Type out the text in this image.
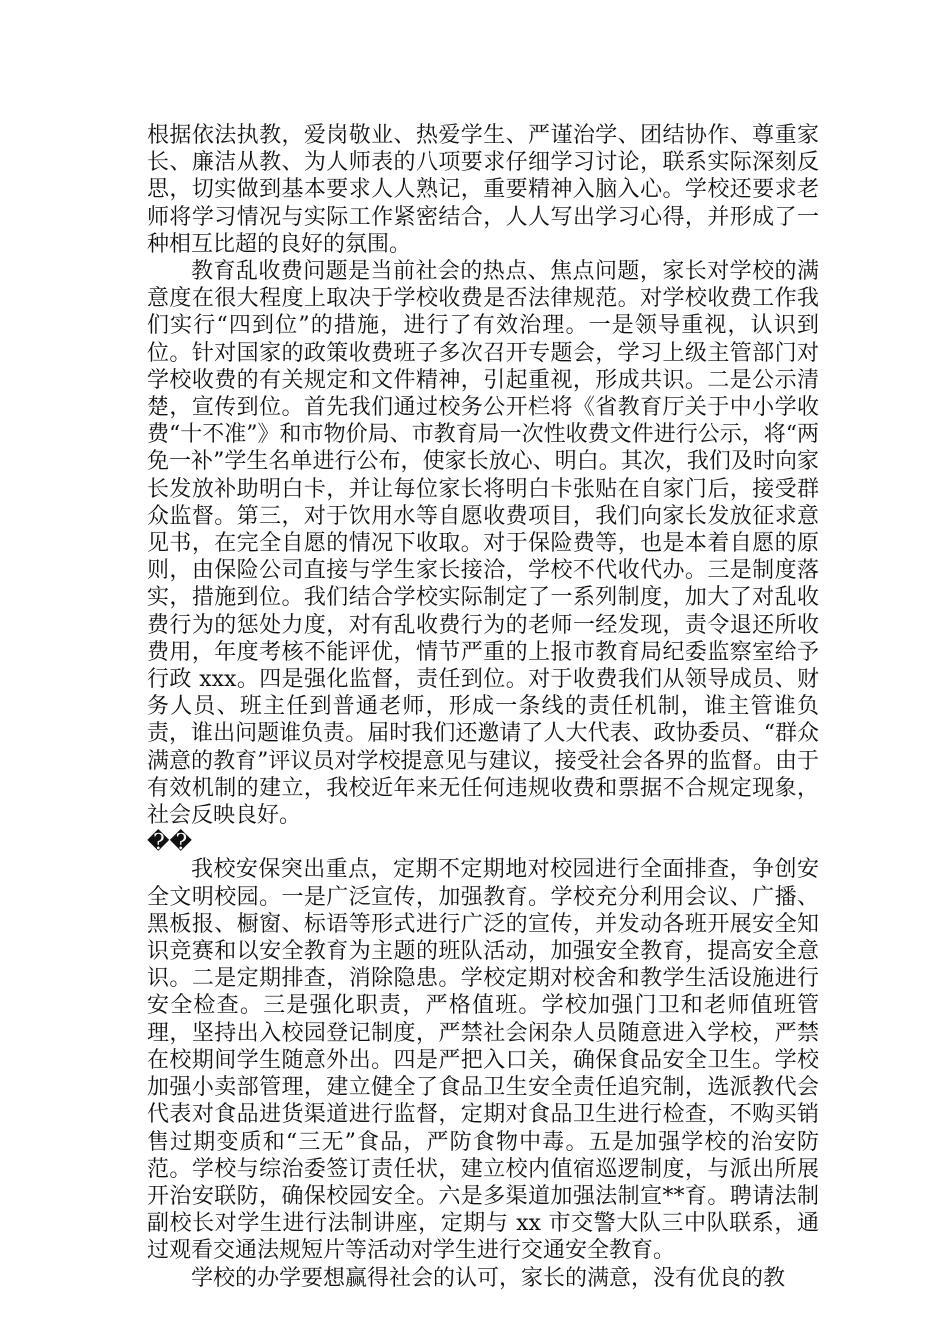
根据依法执教，爱岗敬业、热爱学生、严谨治学、团结协作、尊重家长、廉洁从教、为人师表的八项要求仔细学习讨论，联系实际深刻反思，切实做到基本要求人人熟记，重要精神入脑入心。学校还要求老师将学习情况与实际工作紧密结合，人人写出学习心得，并形成了一种相互比超的良好的氛围。

教育乱收费问题是当前社会的热点、焦点问题，家长对学校的满意度在很大程度上取决于学校收费是否法律规范。对学校收费工作我们实行“四到位”的措施，进行了有效治理。一是领导重视，认识到位。针对国家的政策收费班子多次召开专题会，学习上级主管部门对学校收费的有关规定和文件精神，引起重视，形成共识。二是公示清楚，宣传到位。首先我们通过校务公开栏将《省教育厅关于中小学收费“十不准”》和市物价局、市教育局一次性收费文件进行公示，将“两免一补”学生名单进行公布，使家长放心、明白。其次，我们及时向家长发放补助明白卡，并让每位家长将明白卡张贴在自家门后，接受群众监督。第三，对于饮用水等自愿收费项目，我们向家长发放征求意见书，在完全自愿的情况下收取。对于保险费等，也是本着自愿的原则，由保险公司直接与学生家长接洽，学校不代收代办。三是制度落实，措施到位。我们结合学校实际制定了一系列制度，加大了对乱收费行为的惩处力度，对有乱收费行为的老师一经发现，责令退还所收费用，年度考核不能评优，情节严重的上报市教育局纪委监察室给予行政 xxx。四是强化监督，责任到位。对于收费我们从领导成员、财务人员、班主任到普通老师，形成一条线的责任机制，谁主管谁负责，谁出问题谁负责。届时我们还邀请了人大代表、政协委员、“群众满意的教育”评议员对学校提意见与建议，接受社会各界的监督。由于有效机制的建立，我校近年来无任何违规收费和票据不合规定现象，社会反映良好。

��

我校安保突出重点，定期不定期地对校园进行全面排查，争创安全文明校园。一是广泛宣传，加强教育。学校充分利用会议、广播、黑板报、橱窗、标语等形式进行广泛的宣传，并发动各班开展安全知识竞赛和以安全教育为主题的班队活动，加强安全教育，提高安全意识。二是定期排查，消除隐患。学校定期对校舍和教学生活设施进行安全检查。三是强化职责，严格值班。学校加强门卫和老师值班管理，坚持出入校园登记制度，严禁社会闲杂人员随意进入学校，严禁在校期间学生随意外出。四是严把入口关，确保食品安全卫生。学校加强小卖部管理，建立健全了食品卫生安全责任追究制，选派教代会代表对食品进货渠道进行监督，定期对食品卫生进行检查，不购买销售过期变质和“三无”食品，严防食物中毒。五是加强学校的治安防范。学校与综治委签订责任状，建立校内值宿巡逻制度，与派出所展开治安联防，确保校园安全。六是多渠道加强法制宣**育。聘请法制副校长对学生进行法制讲座，定期与 xx 市交警大队三中队联系，通过观看交通法规短片等活动对学生进行交通安全教育。

学校的办学要想赢得社会的认可，家长的满意，没有优良的教
